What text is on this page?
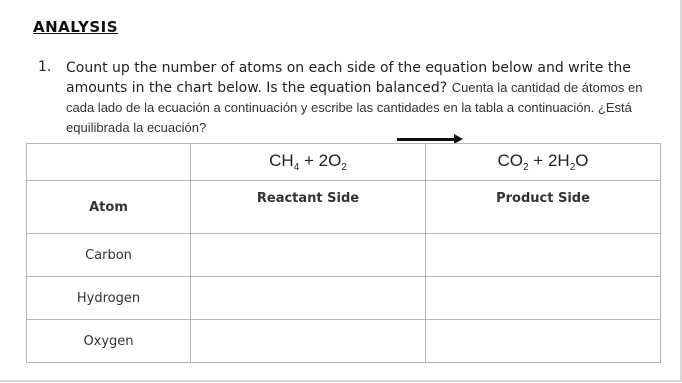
ANALYSIS
1. Count up the number of atoms on each side of the equation below and write the amounts in the chart below. Is the equation balanced? Cuenta la cantidad de átomos en cada lado de la ecuación a continuación y escribe las cantidades en la tabla a continuación. ¿Está equilibrada la ecuación?
	$CH_4 + 2O_2$	$CO_2 + 2H_2O$
Atom	Reactant Side	Product Side
Carbon		
Hydrogen		
Oxygen		
